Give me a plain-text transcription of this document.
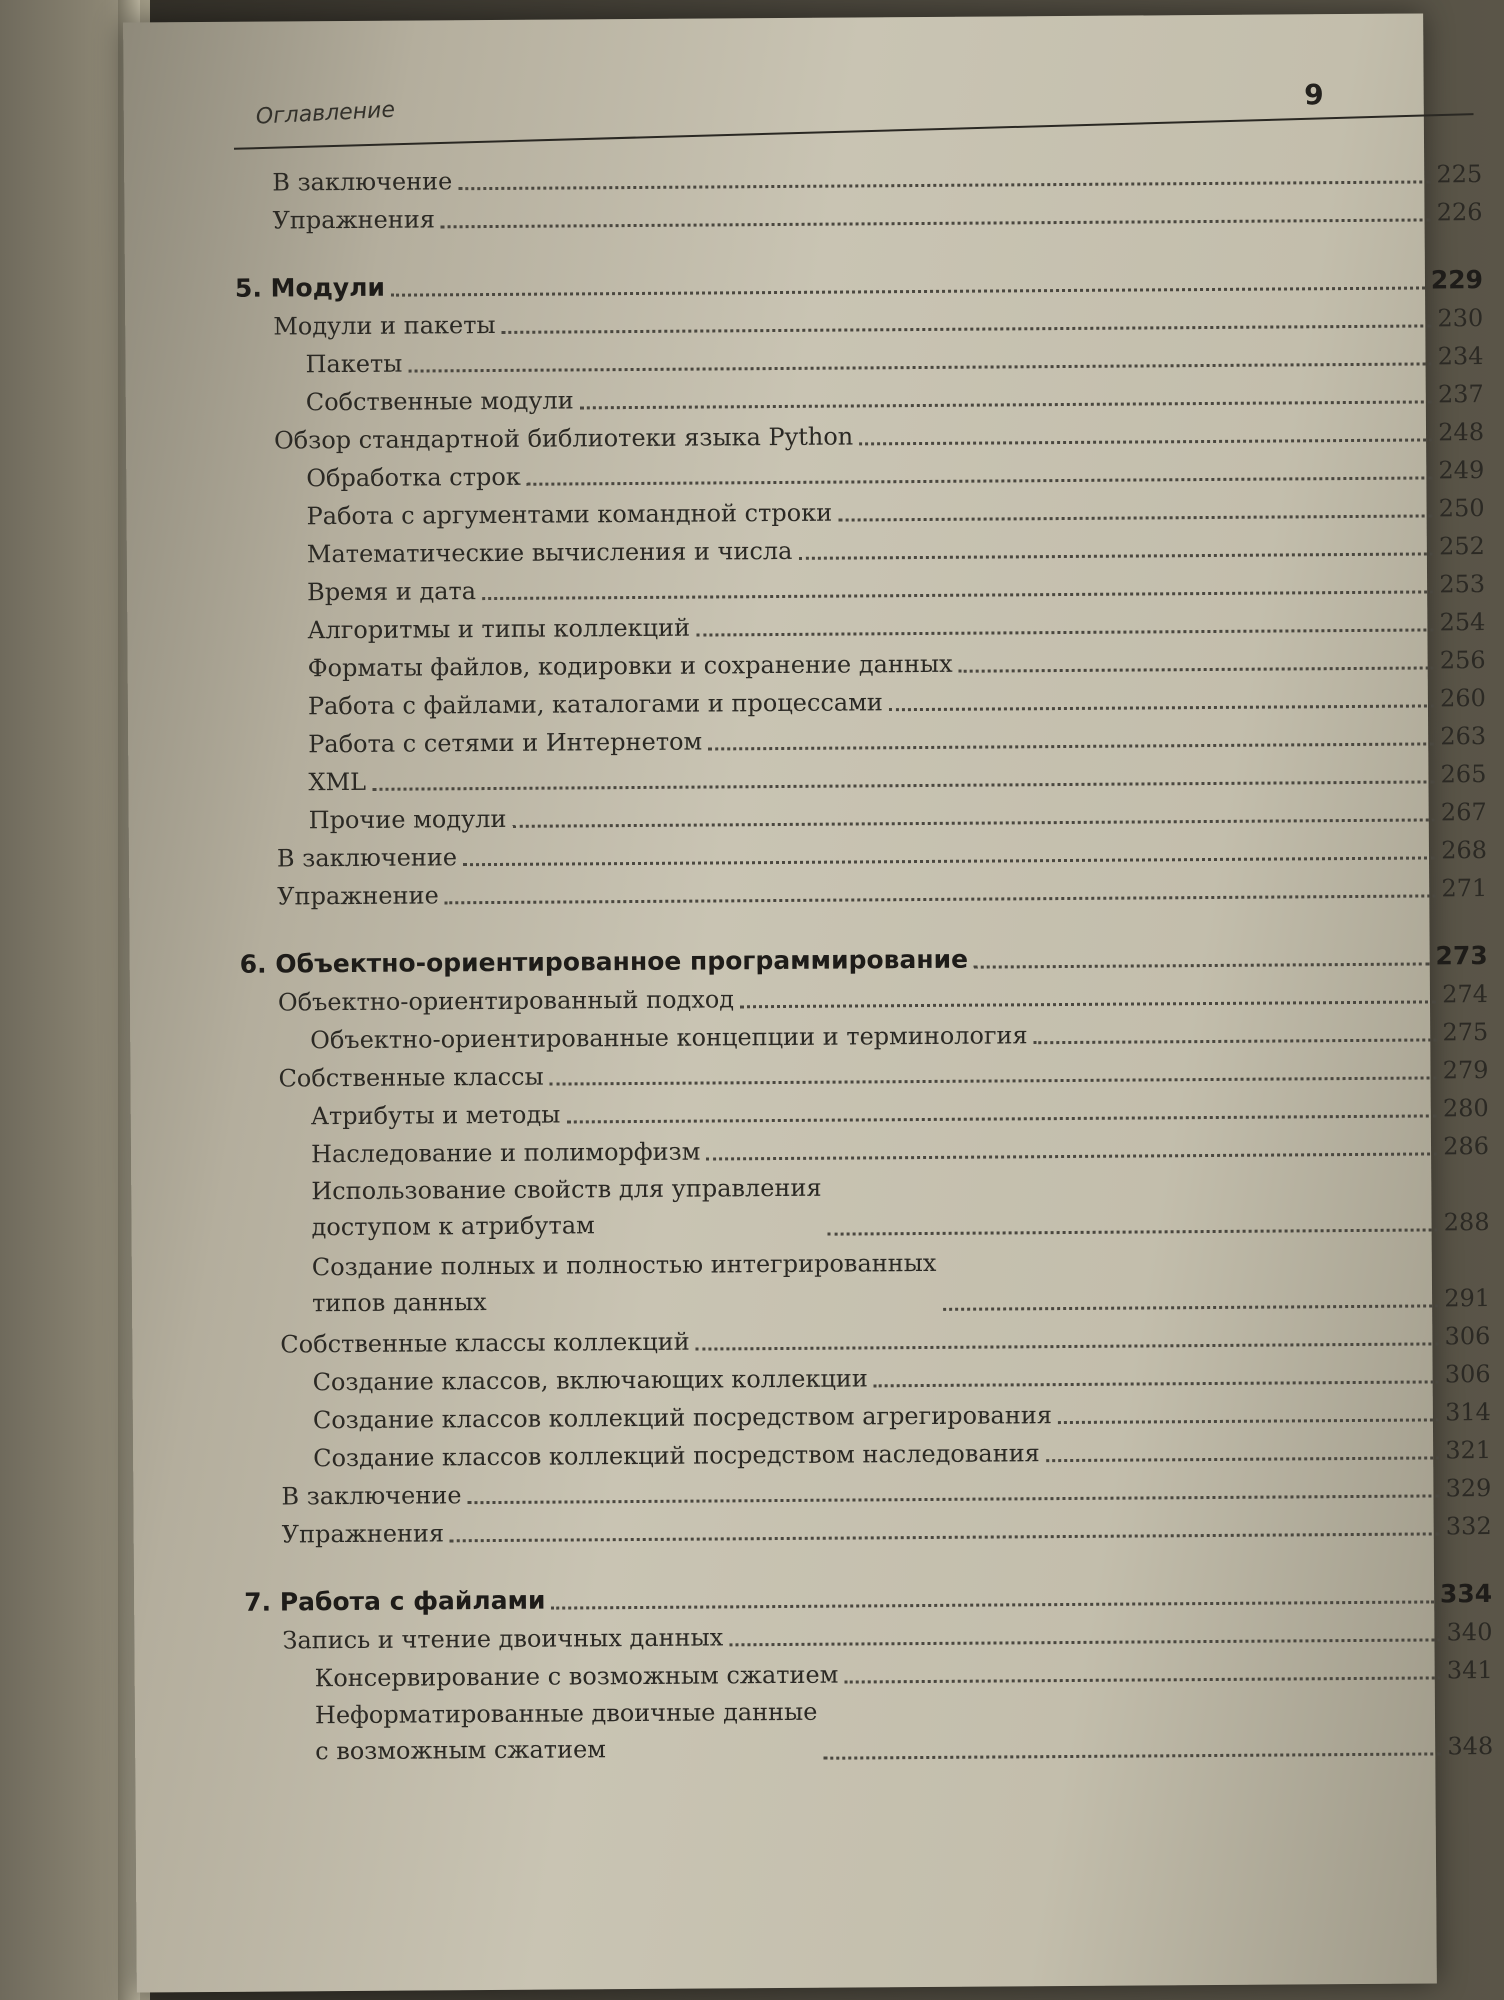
Оглавление
9
В заключение	225
Упражнения	226
5. Модули	229
Модули и пакеты	230
Пакеты	234
Собственные модули	237
Обзор стандартной библиотеки языка Python	248
Обработка строк	249
Работа с аргументами командной строки	250
Математические вычисления и числа	252
Время и дата	253
Алгоритмы и типы коллекций	254
Форматы файлов, кодировки и сохранение данных	256
Работа с файлами, каталогами и процессами	260
Работа с сетями и Интернетом	263
XML	265
Прочие модули	267
В заключение	268
Упражнение	271
6. Объектно-ориентированное программирование	273
Объектно-ориентированный подход	274
Объектно-ориентированные концепции и терминология	275
Собственные классы	279
Атрибуты и методы	280
Наследование и полиморфизм	286
Использование свойств для управления
доступом к атрибутам	288
Создание полных и полностью интегрированных
типов данных	291
Собственные классы коллекций	306
Создание классов, включающих коллекции	306
Создание классов коллекций посредством агрегирования	314
Создание классов коллекций посредством наследования	321
В заключение	329
Упражнения	332
7. Работа с файлами	334
Запись и чтение двоичных данных	340
Консервирование с возможным сжатием	341
Неформатированные двоичные данные
с возможным сжатием	348
